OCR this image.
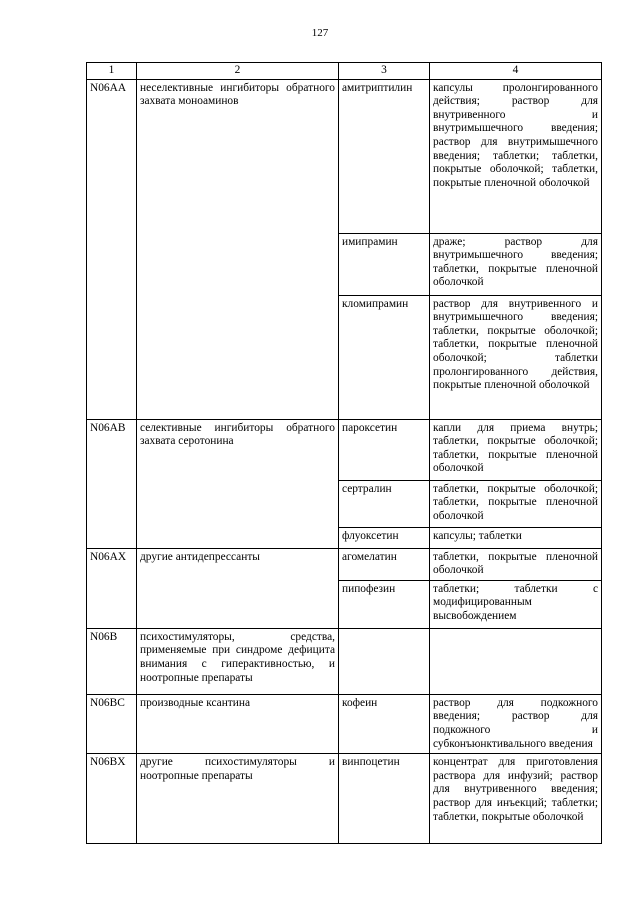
127
1	2	3	4
N06AA	неселективные ингибиторы обратного захвата моноаминов	амитриптилин	капсулы пролонгированного действия; раствор для внутривенного и внутримышечного введения; раствор для внутримышечного введения; таблетки; таблетки, покрытые оболочкой; таблетки, покрытые пленочной оболочкой
		имипрамин	драже; раствор для внутримышечного введения; таблетки, покрытые пленочной оболочкой
		кломипрамин	раствор для внутривенного и внутримышечного введения; таблетки, покрытые оболочкой; таблетки, покрытые пленочной оболочкой; таблетки пролонгированного действия, покрытые пленочной оболочкой
N06AB	селективные ингибиторы обратного захвата серотонина	пароксетин	капли для приема внутрь; таблетки, покрытые оболочкой; таблетки, покрытые пленочной оболочкой
		сертралин	таблетки, покрытые оболочкой; таблетки, покрытые пленочной оболочкой
		флуоксетин	капсулы; таблетки
N06AX	другие антидепрессанты	агомелатин	таблетки, покрытые пленочной оболочкой
		пипофезин	таблетки; таблетки с модифицированным высвобождением
N06B	психостимуляторы, средства, применяемые при синдроме дефицита внимания с гиперактивностью, и ноотропные препараты		
N06BC	производные ксантина	кофеин	раствор для подкожного введения; раствор для подкожного и субконъюнктивального введения
N06BX	другие психостимуляторы и ноотропные препараты	винпоцетин	концентрат для приготовления раствора для инфузий; раствор для внутривенного введения; раствор для инъекций; таблетки; таблетки, покрытые оболочкой
